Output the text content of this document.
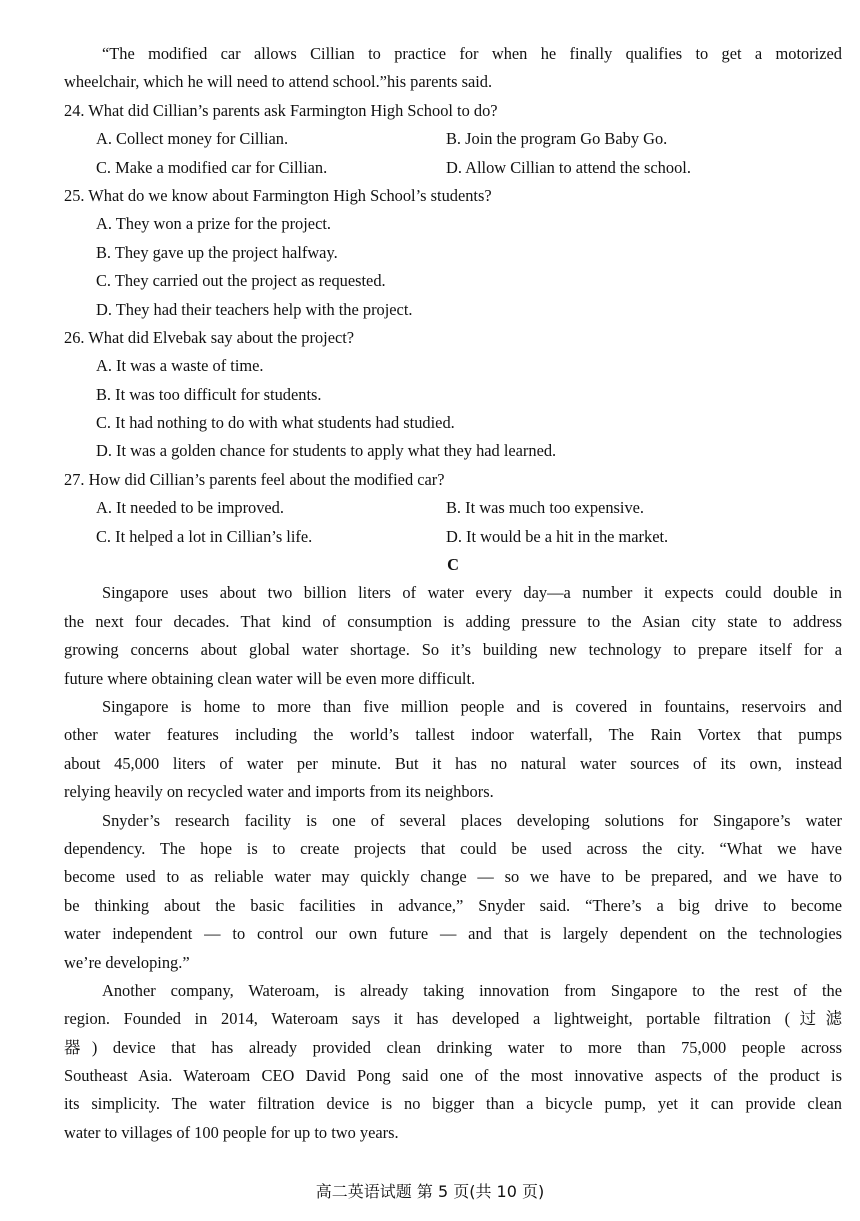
“The modified car allows Cillian to practice for when he finally qualifies to get a motorized
wheelchair, which he will need to attend school.”his parents said.
24. What did Cillian’s parents ask Farmington High School to do?
A. Collect money for Cillian.	B. Join the program Go Baby Go.
C. Make a modified car for Cillian.	D. Allow Cillian to attend the school.
25. What do we know about Farmington High School’s students?
A. They won a prize for the project.
B. They gave up the project halfway.
C. They carried out the project as requested.
D. They had their teachers help with the project.
26. What did Elvebak say about the project?
A. It was a waste of time.
B. It was too difficult for students.
C. It had nothing to do with what students had studied.
D. It was a golden chance for students to apply what they had learned.
27. How did Cillian’s parents feel about the modified car?
A. It needed to be improved.	B. It was much too expensive.
C. It helped a lot in Cillian’s life.	D. It would be a hit in the market.
C
Singapore uses about two billion liters of water every day—a number it expects could double in
the next four decades. That kind of consumption is adding pressure to the Asian city state to address
growing concerns about global water shortage. So it’s building new technology to prepare itself for a
future where obtaining clean water will be even more difficult.
Singapore is home to more than five million people and is covered in fountains, reservoirs and
other water features including the world’s tallest indoor waterfall, The Rain Vortex that pumps
about 45,000 liters of water per minute. But it has no natural water sources of its own, instead
relying heavily on recycled water and imports from its neighbors.
Snyder’s research facility is one of several places developing solutions for Singapore’s water
dependency. The hope is to create projects that could be used across the city. “What we have
become used to as reliable water may quickly change — so we have to be prepared, and we have to
be thinking about the basic facilities in advance,” Snyder said. “There’s a big drive to become
water independent — to control our own future — and that is largely dependent on the technologies
we’re developing.”
Another company, Wateroam, is already taking innovation from Singapore to the rest of the
region. Founded in 2014, Wateroam says it has developed a lightweight, portable filtration (过滤
器) device that has already provided clean drinking water to more than 75,000 people across
Southeast Asia. Wateroam CEO David Pong said one of the most innovative aspects of the product is
its simplicity. The water filtration device is no bigger than a bicycle pump, yet it can provide clean
water to villages of 100 people for up to two years.
高二英语试题 第 5 页(共 10 页)
